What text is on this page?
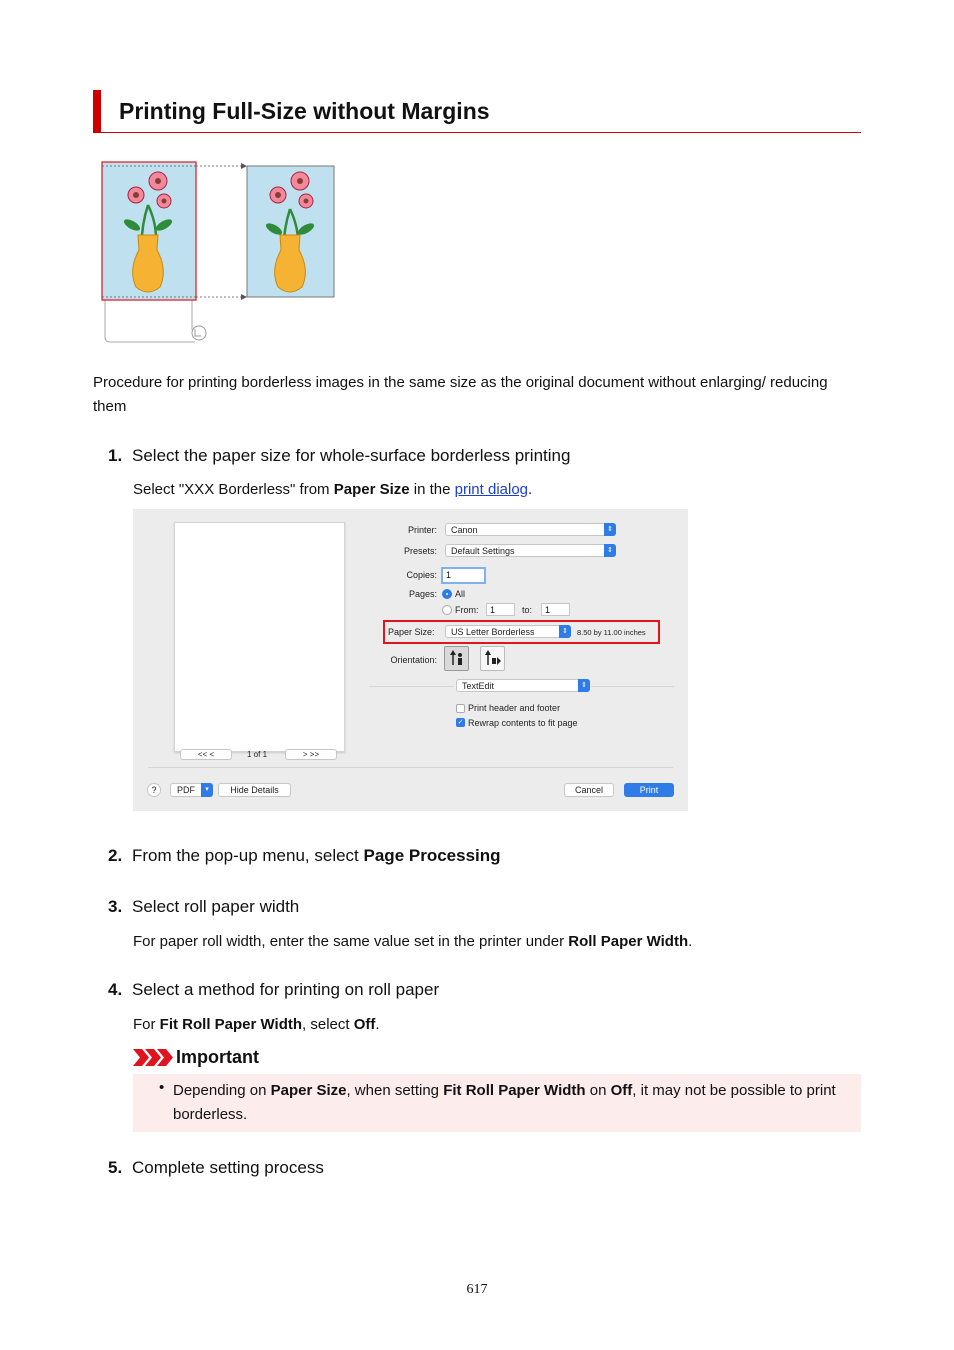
Printing Full-Size without Margins
Procedure for printing borderless images in the same size as the original document without enlarging/ reducing them
1. Select the paper size for whole-surface borderless printing
Select "XXX Borderless" from Paper Size in the print dialog.
<< <	1 of 1	> >>
Printer:	Canon	⇕
Presets:	Default Settings	⇕
Copies:	1
Pages: All
From:	1	to:	1
Paper Size:	US Letter Borderless	⇕	8.50 by 11.00 inches
Orientation:
TextEdit	⇕
Print header and footer
✓ Rewrap contents to fit page
?	PDF	▾	Hide Details	Cancel	Print
2. From the pop-up menu, select Page Processing
3. Select roll paper width
For paper roll width, enter the same value set in the printer under Roll Paper Width.
4. Select a method for printing on roll paper
For Fit Roll Paper Width, select Off.
Important
• Depending on Paper Size, when setting Fit Roll Paper Width on Off, it may not be possible to print borderless.
5. Complete setting process
617
